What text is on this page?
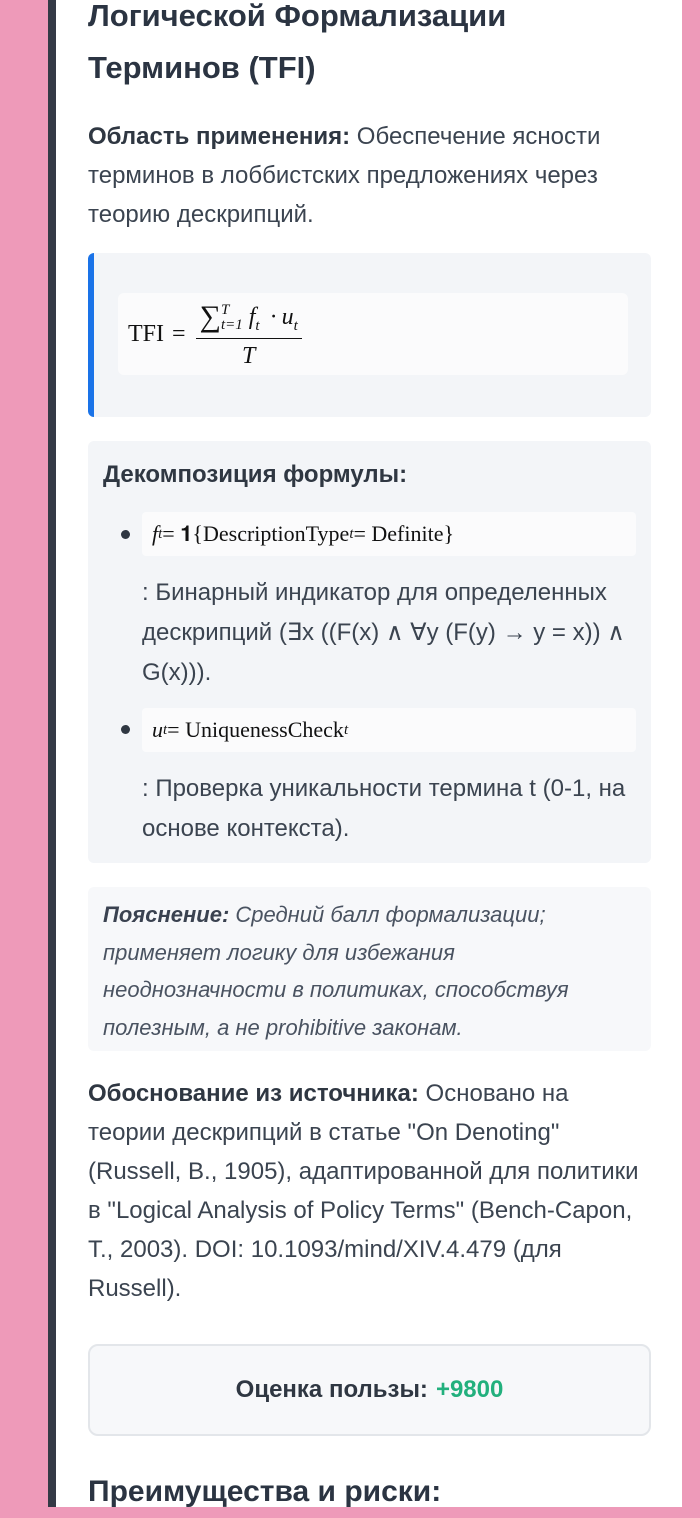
Логической Формализации Терминов (TFI)
Область применения: Обеспечение ясности терминов в лоббистских предложениях через теорию дескрипций.
TFI = ∑ T
t=1 $f_t \cdot u_t$
T
Декомпозиция формулы:
f t = 𝟏{DescriptionType t = Definite}
: Бинарный индикатор для определенных дескрипций (∃x ((F(x) ∧ ∀y (F(y) → y = x)) ∧ G(x))).
u t = UniquenessCheck t
: Проверка уникальности термина t (0-1, на основе контекста).
Пояснение: Средний балл формализации; применяет логику для избежания неоднозначности в политиках, способствуя полезным, а не prohibitive законам.
Обоснование из источника: Основано на теории дескрипций в статье "On Denoting" (Russell, B., 1905), адаптированной для политики в "Logical Analysis of Policy Terms" (Bench-Capon, T., 2003). DOI: 10.1093/mind/XIV.4.479 (для Russell).
Оценка пользы: +9800
Преимущества и риски:
